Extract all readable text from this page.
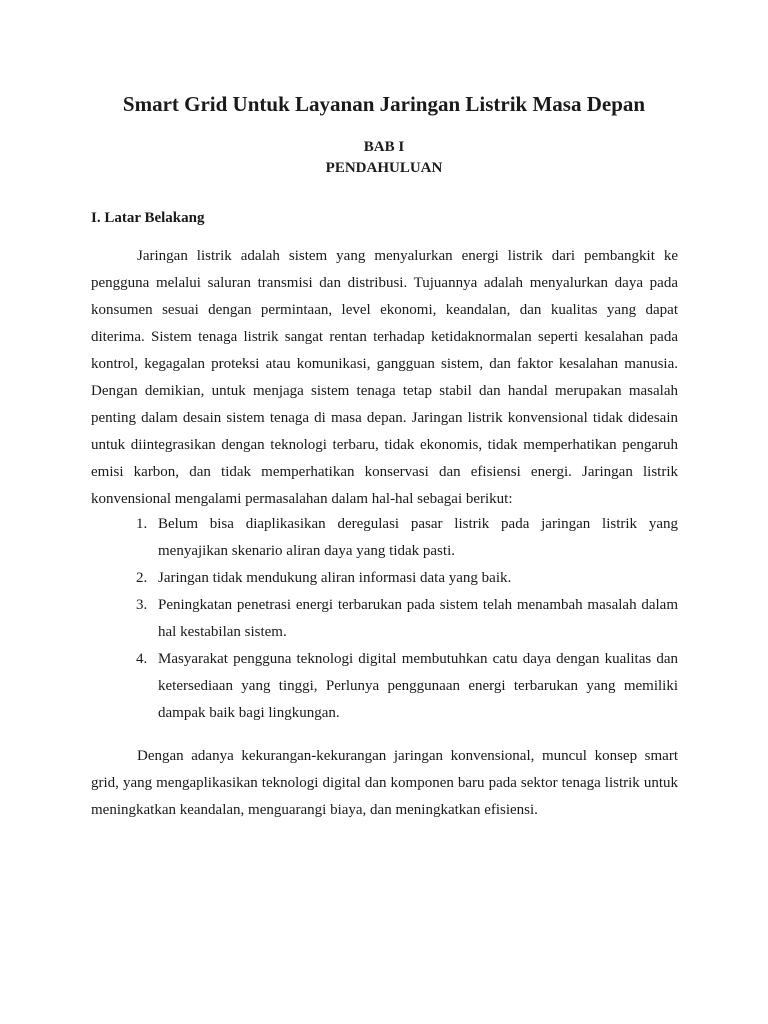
Smart Grid Untuk Layanan Jaringan Listrik Masa Depan
BAB I
PENDAHULUAN
I. Latar Belakang

Jaringan listrik adalah sistem yang menyalurkan energi listrik dari pembangkit ke pengguna melalui saluran transmisi dan distribusi. Tujuannya adalah menyalurkan daya pada konsumen sesuai dengan permintaan, level ekonomi, keandalan, dan kualitas yang dapat diterima. Sistem tenaga listrik sangat rentan terhadap ketidaknormalan seperti kesalahan pada kontrol, kegagalan proteksi atau komunikasi, gangguan sistem, dan faktor kesalahan manusia. Dengan demikian, untuk menjaga sistem tenaga tetap stabil dan handal merupakan masalah penting dalam desain sistem tenaga di masa depan. Jaringan listrik konvensional tidak didesain untuk diintegrasikan dengan teknologi terbaru, tidak ekonomis, tidak memperhatikan pengaruh emisi karbon, dan tidak memperhatikan konservasi dan efisiensi energi. Jaringan listrik konvensional mengalami permasalahan dalam hal-hal sebagai berikut:

1. Belum bisa diaplikasikan deregulasi pasar listrik pada jaringan listrik yang menyajikan skenario aliran daya yang tidak pasti.
2. Jaringan tidak mendukung aliran informasi data yang baik.
3. Peningkatan penetrasi energi terbarukan pada sistem telah menambah masalah dalam hal kestabilan sistem.
4. Masyarakat pengguna teknologi digital membutuhkan catu daya dengan kualitas dan ketersediaan yang tinggi, Perlunya penggunaan energi terbarukan yang memiliki dampak baik bagi lingkungan.

Dengan adanya kekurangan-kekurangan jaringan konvensional, muncul konsep smart grid, yang mengaplikasikan teknologi digital dan komponen baru pada sektor tenaga listrik untuk meningkatkan keandalan, menguarangi biaya, dan meningkatkan efisiensi.
